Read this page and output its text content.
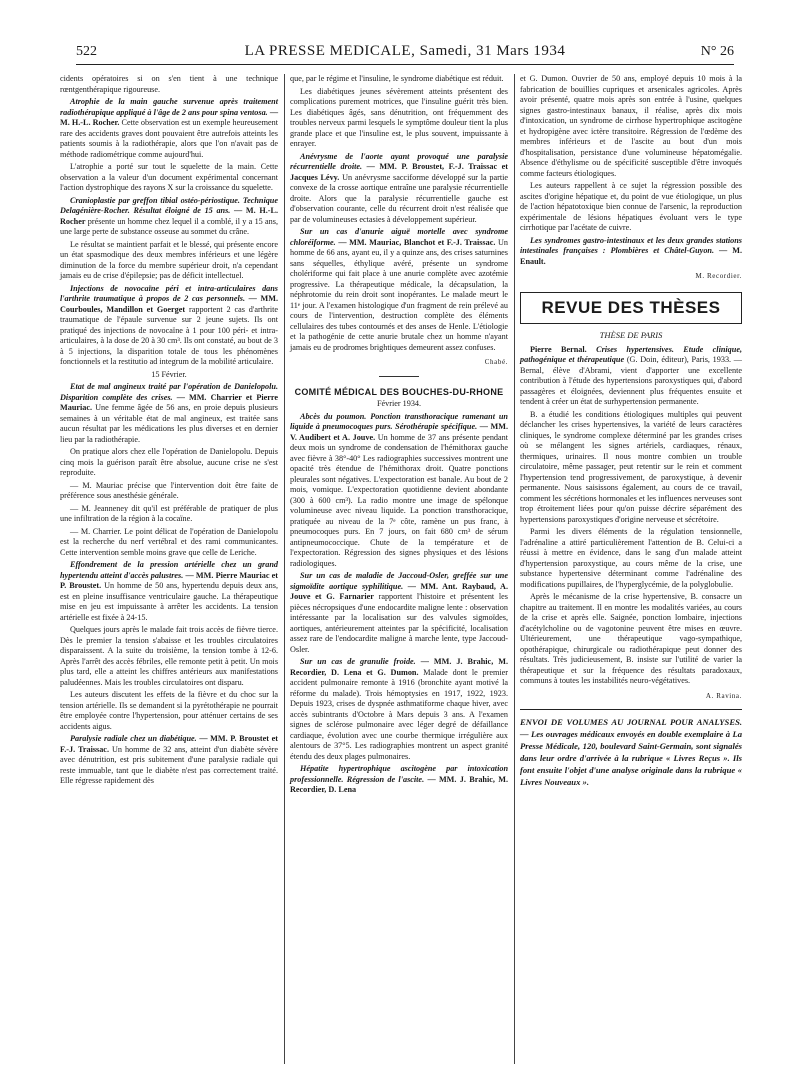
522	LA PRESSE MEDICALE, Samedi, 31 Mars 1934	N° 26

cidents opératoires si on s'en tient à une technique rœntgenthérapique rigoureuse.

Atrophie de la main gauche survenue après traitement radiothérapique appliqué à l'âge de 2 ans pour spina ventosa. — M. H.-L. Rocher. Cette observation est un exemple heureusement rare des accidents graves dont pouvaient être autrefois atteints les patients soumis à la radiothérapie, alors que l'on n'avait pas de méthode radiométrique comme aujourd'hui.

L'atrophie a porté sur tout le squelette de la main. Cette observation a la valeur d'un document expérimental concernant l'action dystrophique des rayons X sur la croissance du squelette.

Cranioplastie par greffon tibial ostéo-périostique. Technique Delagénière-Rocher. Résultat éloigné de 15 ans. — M. H.-L. Rocher présente un homme chez lequel il a comblé, il y a 15 ans, une large perte de substance osseuse au sommet du crâne.

Le résultat se maintient parfait et le blessé, qui présente encore un état spasmodique des deux membres inférieurs et une légère diminution de la force du membre supérieur droit, n'a cependant jamais eu de crise d'épilepsie; pas de déficit intellectuel.

Injections de novocaïne péri et intra-articulaires dans l'arthrite traumatique à propos de 2 cas personnels. — MM. Courboules, Mandillon et Goerget rapportent 2 cas d'arthrite traumatique de l'épaule survenue sur 2 jeune sujets. Ils ont pratiqué des injections de novocaïne à 1 pour 100 péri- et intra-articulaires, à la dose de 20 à 30 cm³. Ils ont constaté, au bout de 3 à 5 injections, la disparition totale de tous les phénomènes fonctionnels et la restitutio ad integrum de la mobilité articulaire.

15 Février.

Etat de mal angineux traité par l'opération de Danielopolu. Disparition complète des crises. — MM. Charrier et Pierre Mauriac. Une femme âgée de 56 ans, en proie depuis plusieurs semaines à un véritable état de mal angineux, est traitée sans aucun résultat par les médications les plus diverses et en dernier lieu par la radiothérapie.

On pratique alors chez elle l'opération de Danielopolu. Depuis cinq mois la guérison paraît être absolue, aucune crise ne s'est reproduite.

— M. Mauriac précise que l'intervention doit être faite de préférence sous anesthésie générale.

— M. Jeanneney dit qu'il est préférable de pratiquer de plus une infiltration de la région à la cocaïne.

— M. Charrier. Le point délicat de l'opération de Danielopolu est la recherche du nerf vertébral et des rami communicantes. Cette intervention semble moins grave que celle de Leriche.

Effondrement de la pression artérielle chez un grand hypertendu atteint d'accès palustres. — MM. Pierre Mauriac et P. Broustet. Un homme de 50 ans, hypertendu depuis deux ans, est en pleine insuffisance ventriculaire gauche. La thérapeutique mise en jeu est impuissante à arrêter les accidents. La tension artérielle est fixée à 24-15.

Quelques jours après le malade fait trois accès de fièvre tierce. Dès le premier la tension s'abaisse et les troubles circulatoires disparaissent. A la suite du troisième, la tension tombe à 12-6. Après l'arrêt des accès fébriles, elle remonte petit à petit. Un mois plus tard, elle a atteint les chiffres antérieurs aux manifestations paludéennes. Mais les troubles circulatoires ont disparu.

Les auteurs discutent les effets de la fièvre et du choc sur la tension artérielle. Ils se demandent si la pyrétothérapie ne pourrait être employée contre l'hypertension, pour atténuer certains de ses accidents aigus.

Paralysie radiale chez un diabétique. — MM. P. Broustet et F.-J. Traissac. Un homme de 32 ans, atteint d'un diabète sévère avec dénutrition, est pris subitement d'une paralysie radiale qui reste immuable, tant que le diabète n'est pas correctement traité. Elle régresse rapidement dès

que, par le régime et l'insuline, le syndrome diabétique est réduit.

Les diabétiques jeunes sévèrement atteints présentent des complications purement motrices, que l'insuline guérit très bien. Les diabétiques âgés, sans dénutrition, ont fréquemment des troubles nerveux parmi lesquels le symptôme douleur tient la plus grande place et que l'insuline est, le plus souvent, impuissante à enrayer.

Anévrysme de l'aorte ayant provoqué une paralysie récurrentielle droite. — MM. P. Broustet, F.-J. Traissac et Jacques Lévy. Un anévrysme sacciforme développé sur la partie convexe de la crosse aortique entraîne une paralysie récurrentielle droite. Alors que la paralysie récurrentielle gauche est d'observation courante, celle du récurrent droit n'est réalisée que par de volumineuses ectasies à développement supérieur.

Sur un cas d'anurie aiguë mortelle avec syndrome chloréiforme. — MM. Mauriac, Blanchot et F.-J. Traissac. Un homme de 66 ans, ayant eu, il y a quinze ans, des crises saturnines sans séquelles, éthylique avéré, présente un syndrome cholériforme qui fait place à une anurie complète avec azotémie progressive. La thérapeutique médicale, la décapsulation, la néphrotomie du rein droit sont inopérantes. Le malade meurt le 11ᵉ jour. A l'examen histologique d'un fragment de rein prélevé au cours de l'intervention, destruction complète des éléments cellulaires des tubes contournés et des anses de Henle. L'étiologie et la pathogénie de cette anurie brutale chez un homme n'ayant jamais eu de prodromes brightiques demeurent assez confuses.

Chabé.
COMITÉ MÉDICAL DES BOUCHES-DU-RHONE

Février 1934.

Abcès du poumon. Ponction transthoracique ramenant un liquide à pneumocoques purs. Sérothérapie spécifique. — MM. V. Audibert et A. Jouve. Un homme de 37 ans présente pendant deux mois un syndrome de condensation de l'hémithorax gauche avec fièvre à 38°-40° Les radiographies successives montrent une opacité très étendue de l'hémithorax droit. Quatre ponctions pleurales sont négatives. L'expectoration est banale. Au bout de 2 mois, vomique. L'expectoration quotidienne devient abondante (300 à 600 cm³). La radio montre une image de spélonque volumineuse avec niveau liquide. La ponction transthoracique, pratiquée au niveau de la 7ᵉ côte, ramène un pus franc, à pneumocoques purs. En 7 jours, on fait 680 cm³ de sérum antipneumococcique. Chute de la température et de l'expectoration. Régression des signes physiques et des lésions radiologiques.

Sur un cas de maladie de Jaccoud-Osler, greffée sur une sigmoïdite aortique syphilitique. — MM. Ant. Raybaud, A. Jouve et G. Farnarier rapportent l'histoire et présentent les pièces nécropsiques d'une endocardite maligne lente : observation intéressante par la localisation sur des valvules sigmoïdes, aortiques, antérieurement atteintes par la spécificité, localisation assez rare de l'endocardite maligne à marche lente, type Jaccoud-Osler.

Sur un cas de granulie froide. — MM. J. Brahic, M. Recordier, D. Lena et G. Dumon. Malade dont le premier accident pulmonaire remonte à 1916 (bronchite ayant motivé la réforme du malade). Trois hémoptysies en 1917, 1922, 1923. Depuis 1923, crises de dyspnée asthmatiforme chaque hiver, avec accès subintrants d'Octobre à Mars depuis 3 ans. A l'examen signes de sclérose pulmonaire avec léger degré de défaillance cardiaque, évolution avec une courbe thermique irrégulière aux alentours de 37°5. Les radiographies montrent un aspect granité étendu des deux plages pulmonaires.

Hépatite hypertrophique ascitogène par intoxication professionnelle. Régression de l'ascite. — MM. J. Brahic, M. Recordier, D. Lena

et G. Dumon. Ouvrier de 50 ans, employé depuis 10 mois à la fabrication de bouillies cupriques et arsenicales agricoles. Après avoir présenté, quatre mois après son entrée à l'usine, quelques signes gastro-intestinaux banaux, il réalise, après dix mois d'intoxication, un syndrome de cirrhose hypertrophique ascitogène et hydropigène avec ictère transitoire. Régression de l'œdème des membres inférieurs et de l'ascite au bout d'un mois d'hospitalisation, persistance d'une volumineuse hépatomégalie. Absence d'éthylisme ou de spécificité susceptible d'être invoqués comme facteurs étiologiques.

Les auteurs rappellent à ce sujet la régression possible des ascites d'origine hépatique et, du point de vue étiologique, un plus de l'action hépatotoxique bien connue de l'arsenic, la reproduction expérimentale de lésions hépatiques évoluant vers le type cirrhotique par l'acétate de cuivre.

Les syndromes gastro-intestinaux et les deux grandes stations intestinales françaises : Plombières et Châtel-Guyon. — M. Enault.

M. Recordier.
REVUE DES THÈSES

THÈSE DE PARIS

Pierre Bernal. Crises hypertensives. Etude clinique, pathogénique et thérapeutique (G. Doin, éditeur), Paris, 1933. — Bernal, élève d'Abrami, vient d'apporter une excellente contribution à l'étude des hypertensions paroxystiques qui, d'abord passagères et éloignées, deviennent plus fréquentes ensuite et tendent à créer un état de surhypertension permanente.

B. a étudié les conditions étiologiques multiples qui peuvent déclancher les crises hypertensives, la variété de leurs caractères cliniques, le syndrome complexe déterminé par les grandes crises où se mélangent les signes artériels, cardiaques, rénaux, thermiques, urinaires. Il nous montre combien un trouble circulatoire, même passager, peut retentir sur le rein et comment l'hypertension tend progressivement, de paroxystique, à devenir permanente. Nous saisissons également, au cours de ce travail, comment les sécrétions hormonales et les influences nerveuses sont trop étroitement liées pour qu'on puisse décrire séparément des hypertensions paroxystiques d'origine nerveuse et sécrétoire.

Parmi les divers éléments de la régulation tensionnelle, l'adrénaline a attiré particulièrement l'attention de B. Celui-ci a réussi à mettre en évidence, dans le sang d'un malade atteint d'hypertension paroxystique, au cours même de la crise, une substance hypertensive déterminant comme l'adrénaline des modifications pupillaires, de l'hyperglycémie, de la polyglobulie.

Après le mécanisme de la crise hypertensive, B. consacre un chapitre au traitement. Il en montre les modalités variées, au cours de la crise et après elle. Saignée, ponction lombaire, injections d'acétylcholine ou de vagotonine peuvent être mises en œuvre. Ultérieurement, une thérapeutique vago-sympathique, opothérapique, chirurgicale ou radiothérapique peut donner des résultats. Très judicieusement, B. insiste sur l'utilité de varier la thérapeutique et sur la fréquence des résultats paradoxaux, communs à toutes les instabilités neuro-végétatives.

A. Ravina.
ENVOI DE VOLUMES AU JOURNAL POUR ANALYSES. — Les ouvrages médicaux envoyés en double exemplaire à La Presse Médicale, 120, boulevard Saint-Germain, sont signalés dans leur ordre d'arrivée à la rubrique « Livres Reçus ». Ils font ensuite l'objet d'une analyse originale dans la rubrique « Livres Nouveaux ».
